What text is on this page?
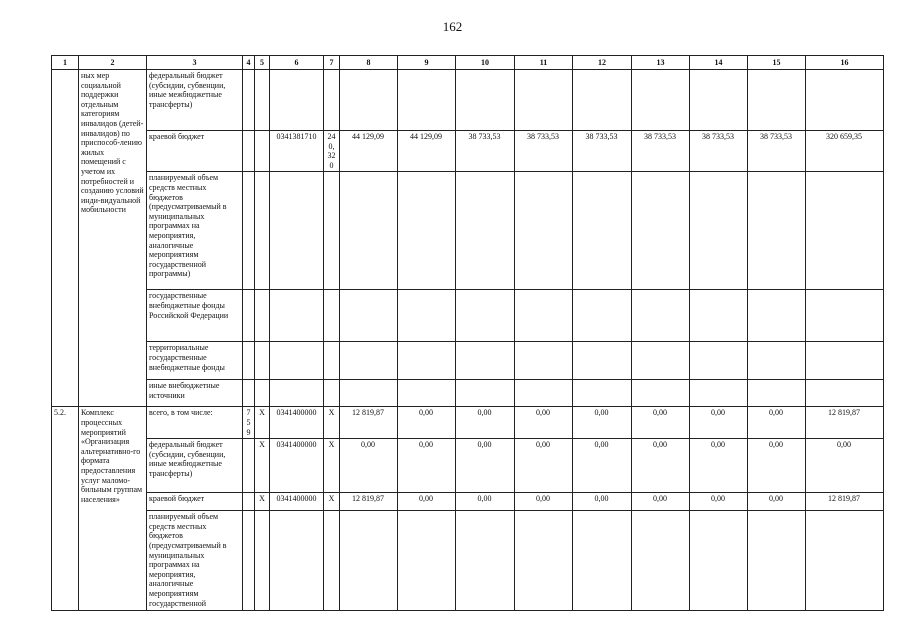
162
1	2	3	4	5	6	7	8	9	10	11	12	13	14	15	16
	ных мер социальной поддержки отдельным категориям инвалидов (детей-инвалидов) по приспособ-лению жилых помещений с учетом их потребностей и созданию условий инди-видуальной мобильности	федеральный бюджет (субсидии, субвенции, иные межбюджетные трансферты)													
		краевой бюджет			0341381710	240, 320	44 129,09	44 129,09	38 733,53	38 733,53	38 733,53	38 733,53	38 733,53	38 733,53	320 659,35
		планируемый объем средств местных бюджетов (предусматриваемый в муниципальных программах на мероприятия, аналогичные мероприятиям государственной программы)													
		государственные внебюджетные фонды Российской Федерации													
		территориальные государственные внебюджетные фонды													
		иные внебюджетные источники													
5.2.	Комплекс процессных мероприятий «Организация альтернативно-го формата предоставления услуг маломо-бильным группам населения»	всего, в том числе:	759	X	0341400000	X	12 819,87	0,00	0,00	0,00	0,00	0,00	0,00	0,00	12 819,87
		федеральный бюджет (субсидии, субвенции, иные межбюджетные трансферты)		X	0341400000	X	0,00	0,00	0,00	0,00	0,00	0,00	0,00	0,00	0,00
		краевой бюджет		X	0341400000	X	12 819,87	0,00	0,00	0,00	0,00	0,00	0,00	0,00	12 819,87
		планируемый объем средств местных бюджетов (предусматриваемый в муниципальных программах на мероприятия, аналогичные мероприятиям государственной													
